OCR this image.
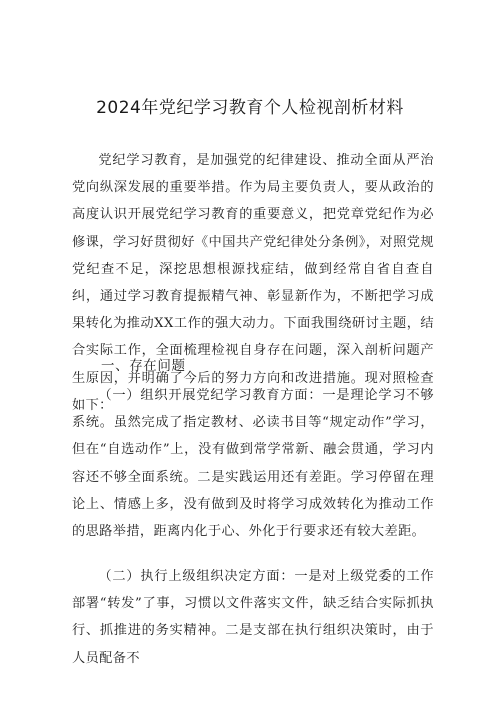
2024年党纪学习教育个人检视剖析材料
党纪学习教育，是加强党的纪律建设、推动全面从严治党向纵深发展的重要举措。作为局主要负责人，要从政治的高度认识开展党纪学习教育的重要意义，把党章党纪作为必修课，学习好贯彻好《中国共产党纪律处分条例》，对照党规党纪查不足，深挖思想根源找症结，做到经常自省自查自纠，通过学习教育提振精气神、彰显新作为，不断把学习成果转化为推动XX工作的强大动力。下面我围绕研讨主题，结合实际工作，全面梳理检视自身存在问题，深入剖析问题产生原因，并明确了今后的努力方向和改进措施。现对照检查如下：
一、存在问题
（一）组织开展党纪学习教育方面：一是理论学习不够系统。虽然完成了指定教材、必读书目等“规定动作”学习，但在“自选动作”上，没有做到常学常新、融会贯通，学习内容还不够全面系统。二是实践运用还有差距。学习停留在理论上、情感上多，没有做到及时将学习成效转化为推动工作的思路举措，距离内化于心、外化于行要求还有较大差距。
（二）执行上级组织决定方面：一是对上级党委的工作部署“转发”了事，习惯以文件落实文件，缺乏结合实际抓执行、抓推进的务实精神。二是支部在执行组织决策时，由于人员配备不
